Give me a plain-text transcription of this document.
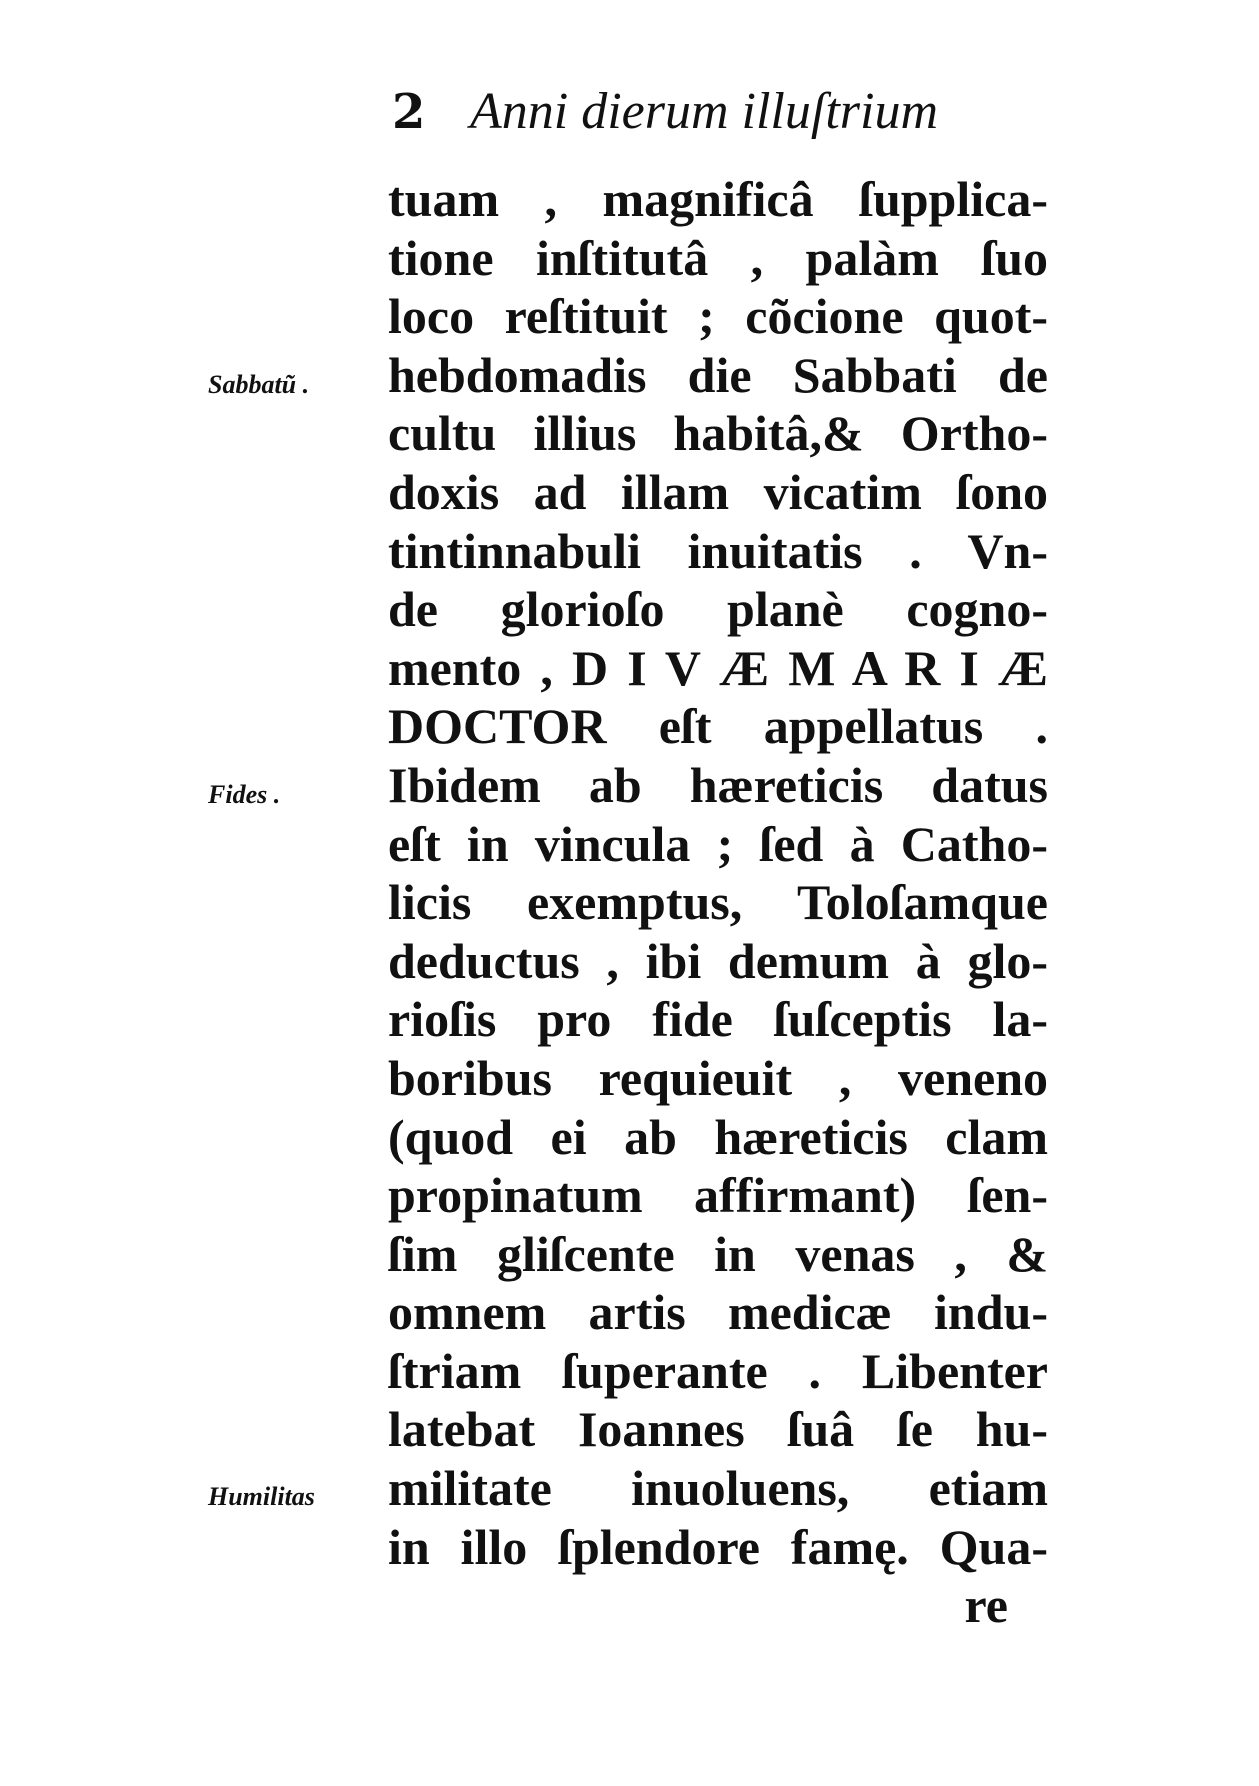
2 Anni dierum illuſtrium
Sabbatũ .
Fides .
Humilitas
tuam , magnificâ ſupplica-
tione inſtitutâ , palàm ſuo
loco reſtituit ; cõcione quot-
hebdomadis die Sabbati de
cultu illius habitâ,& Ortho-
doxis ad illam vicatim ſono
tintinnabuli inuitatis . Vn-
de glorioſo planè cogno-
mento , D I V Æ M A R I Æ
DOCTOR eſt appellatus .
Ibidem ab hæreticis datus
eſt in vincula ; ſed à Catho-
licis exemptus, Toloſamque
deductus , ibi demum à glo-
rioſis pro fide ſuſceptis la-
boribus requieuit , veneno
(quod ei ab hæreticis clam
propinatum affirmant) ſen-
ſim gliſcente in venas , &
omnem artis medicæ indu-
ſtriam ſuperante . Libenter
latebat Ioannes ſuâ ſe hu-
militate inuoluens, etiam
in illo ſplendore famę. Qua-
re
